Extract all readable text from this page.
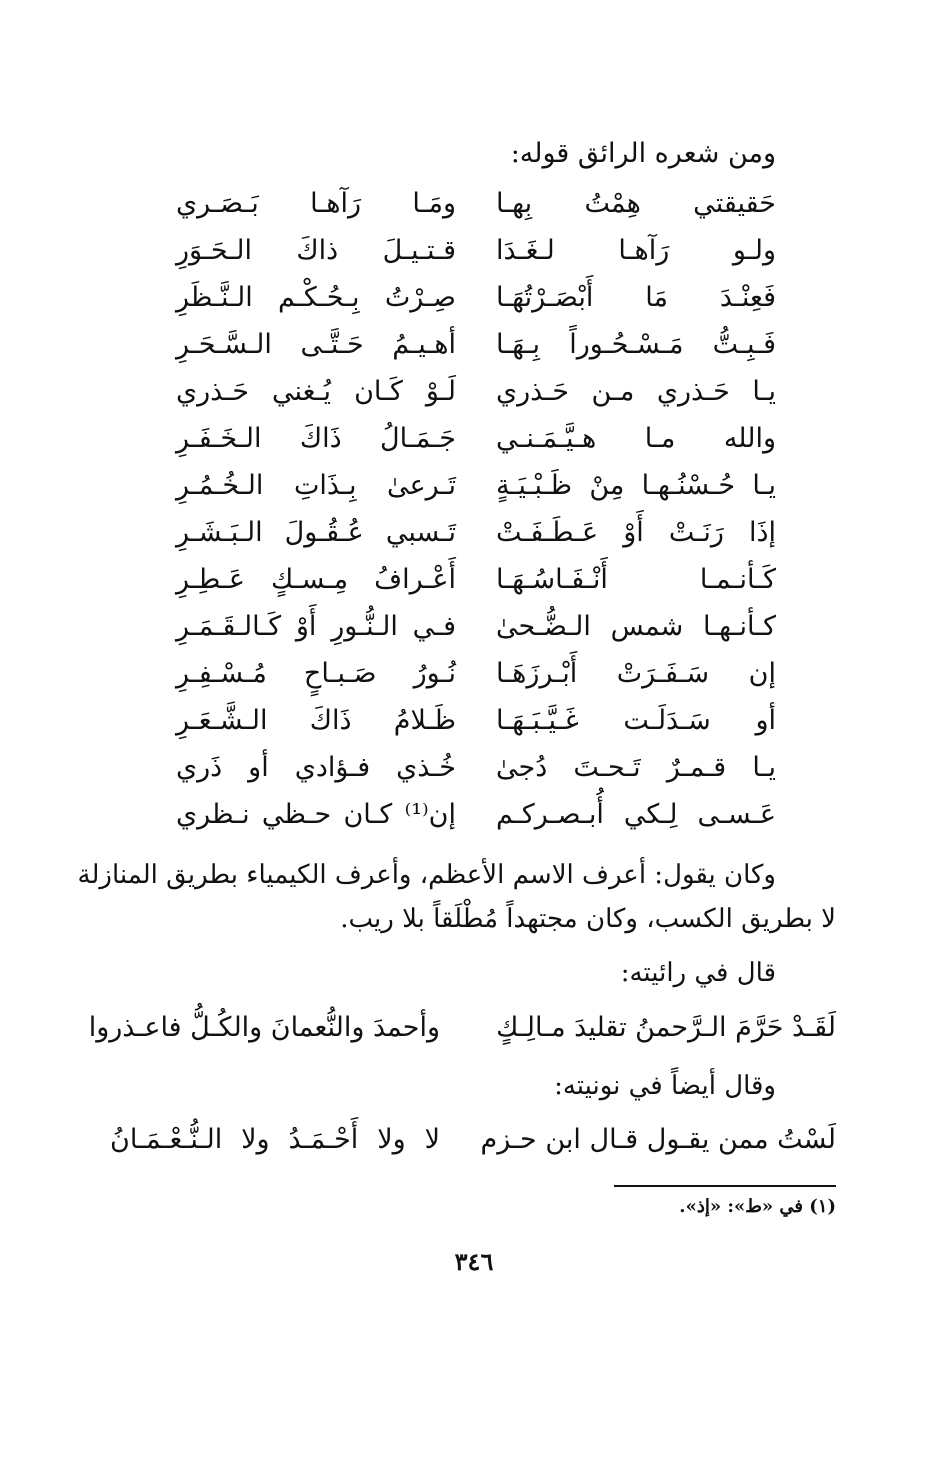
ومن شعره الرائق قوله:
حَقيقتي هِمْتُ بِهـا
ومَـا رَآهـا بَـصَـري
ولـو رَآهـا لـغَـدَا
قـتـيـلَ ذاكَ الـحَـوَرِ
فَعِنْـدَ مَا أَبْصَـرْتُهَـا
صِـرْتُ بِـحُـكْـم الـنَّـظَرِ
فَـبِـتُّ مَـسْـحُـوراً بِـهَـا
أهـيـمُ حَـتَّـى الـسَّـحَـرِ
يـا حَـذري مـن حَـذري
لَـوْ كَـان يُـغني حَـذري
والله مـا هـيَّـمَـنـي
جَـمَـالُ ذَاكَ الـخَـفَـرِ
يـا حُـسْنُـهـا مِنْ ظَـبْـيَـةٍ
تَـرعىٰ بِـذَاتِ الـخُـمُـرِ
إذَا رَنَـتْ أَوْ عَـطَـفَـتْ
تَـسبي عُـقُـولَ الـبَـشَـرِ
كَـأنـمـا أَنْـفَـاسُـهَـا
أَعْـرافُ مِـسـكٍ عَـطِـرِ
كـأنـهـا شمس الـضُّـحىٰ
فـي الـنُّـورِ أَوْ كَـالـقَـمَـرِ
إن سَـفَـرَتْ أَبْـرزَهَـا
نُـورُ صَـبـاحٍ مُـسْـفِـرِ
أو سَـدَلَـت غَـيَّـبَـهَـا
ظَـلامُ ذَاكَ الـشَّـعَـرِ
يـا قـمـرٌ تَـحـتَ دُجىٰ
خُـذي فـؤادي أو ذَري
عَـسـى لِـكي أُبـصـركـم
إن⁽¹⁾ كـان حـظي نـظري
وكان يقول: أعرف الاسم الأعظم، وأعرف الكيمياء بطريق المنازلة
لا بطريق الكسب، وكان مجتهداً مُطْلَقاً بلا ريب.
قال في رائيته:
لَقَـدْ حَرَّمَ الـرَّحمنُ تقليدَ مـالِـكٍ
وأحمدَ والنُّعمانَ والكُـلُّ فاعـذروا
وقال أيضاً في نونيته:
لَسْتُ ممن يقـول قـال ابن حـزم
لا ولا أَحْـمَـدُ ولا الـنُّـعْـمَـانُ
(١) في «ط»: «إذ».
٣٤٦
